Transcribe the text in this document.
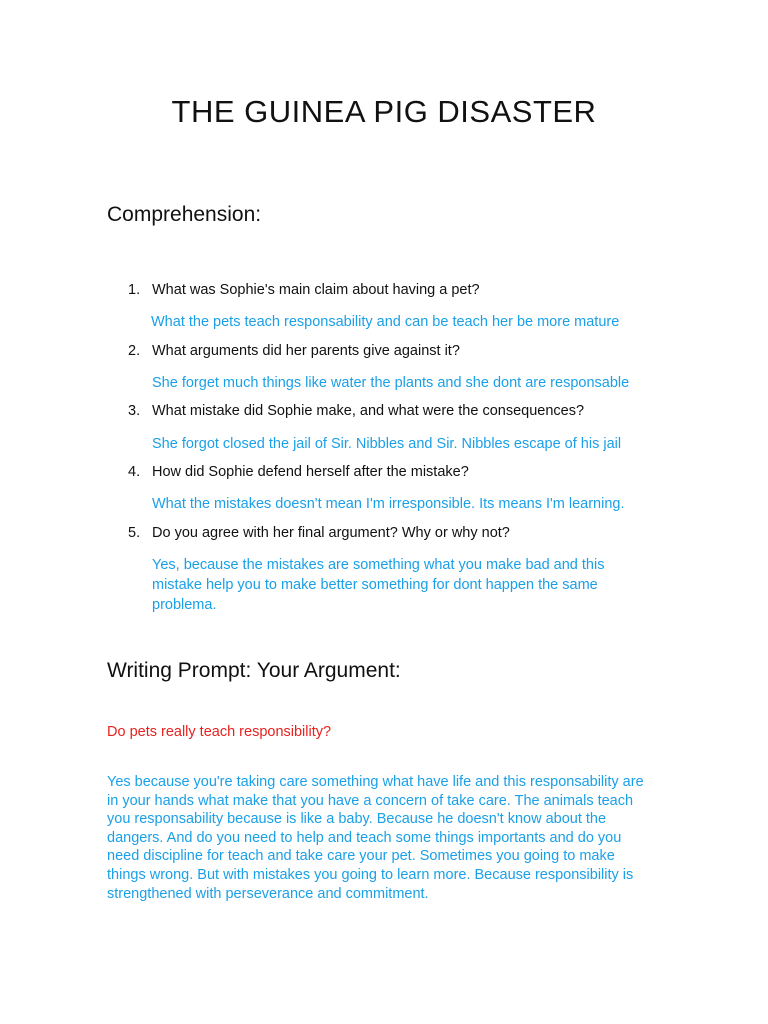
THE GUINEA PIG DISASTER
Comprehension:
1. What was Sophie's main claim about having a pet?
What the pets teach responsability and can be teach her be more mature
2. What arguments did her parents give against it?
She forget much things like water the plants and she dont are responsable
3. What mistake did Sophie make, and what were the consequences?
She forgot closed the jail of Sir. Nibbles and Sir. Nibbles escape of his jail
4. How did Sophie defend herself after the mistake?
What the mistakes doesn't mean I'm irresponsible. Its means I'm learning.
5. Do you agree with her final argument? Why or why not?
Yes, because the mistakes are something what you make bad and this mistake help you to make better something for dont happen the same problema.
Writing Prompt: Your Argument:
Do pets really teach responsibility?
Yes because you're taking care something what have life and this responsability are in your hands what make that you have a concern of take care. The animals teach you responsability because is like a baby. Because he doesn't know about the dangers. And do you need to help and teach some things importants and do you need discipline for teach and take care your pet. Sometimes you going to make things wrong. But with mistakes you going to learn more. Because responsibility is strengthened with perseverance and commitment.
